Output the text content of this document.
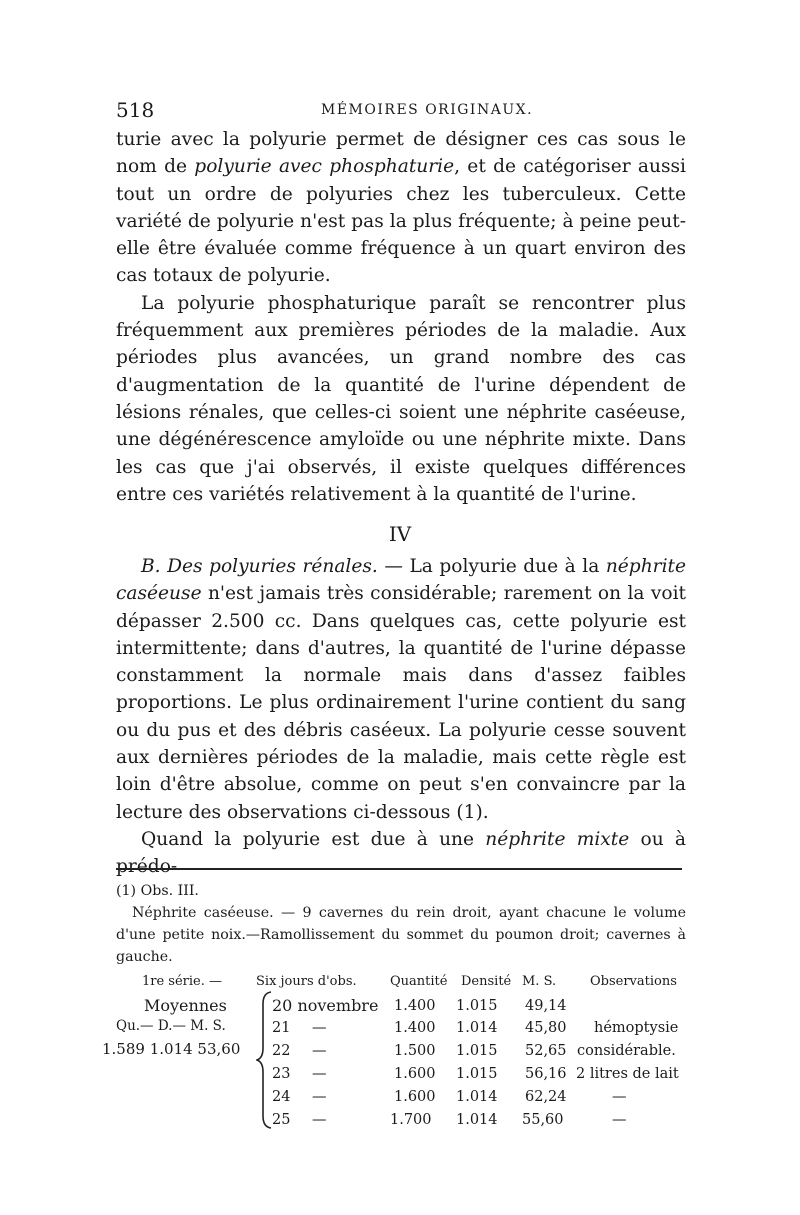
518	MÉMOIRES ORIGINAUX.

turie avec la polyurie permet de désigner ces cas sous le nom de polyurie avec phosphaturie, et de catégoriser aussi tout un ordre de polyuries chez les tuberculeux. Cette variété de polyurie n'est pas la plus fréquente; à peine peut-elle être évaluée comme fréquence à un quart environ des cas totaux de polyurie.

La polyurie phosphaturique paraît se rencontrer plus fréquemment aux premières périodes de la maladie. Aux périodes plus avancées, un grand nombre des cas d'augmentation de la quantité de l'urine dépendent de lésions rénales, que celles-ci soient une néphrite caséeuse, une dégénérescence amyloïde ou une néphrite mixte. Dans les cas que j'ai observés, il existe quelques différences entre ces variétés relativement à la quantité de l'urine.

IV

B. Des polyuries rénales. — La polyurie due à la néphrite caséeuse n'est jamais très considérable; rarement on la voit dépasser 2.500 cc. Dans quelques cas, cette polyurie est intermittente; dans d'autres, la quantité de l'urine dépasse constamment la normale mais dans d'assez faibles proportions. Le plus ordinairement l'urine contient du sang ou du pus et des débris caséeux. La polyurie cesse souvent aux dernières périodes de la maladie, mais cette règle est loin d'être absolue, comme on peut s'en convaincre par la lecture des observations ci-dessous (1).

Quand la polyurie est due à une néphrite mixte ou à prédo-

(1) Obs. III.

Néphrite caséeuse. — 9 cavernes du rein droit, ayant chacune le volume d'une petite noix.—Ramollissement du sommet du poumon droit; cavernes à gauche.

1re série. —
Moyennes
Qu.— D.— M. S.
1.589 1.014 53,60
Six jours d'obs.	Quantité Densité M. S.	Observations
20 novembre 1.400 1.015 49,14
21 —	1.400 1.014 45,80 hémoptysie
22 —	1.500 1.015 52,65 considérable.
23 —	1.600 1.015 56,16 2 litres de lait
24 —	1.600 1.014 62,24	—
25 —	1.700 1.014 55,60	—
